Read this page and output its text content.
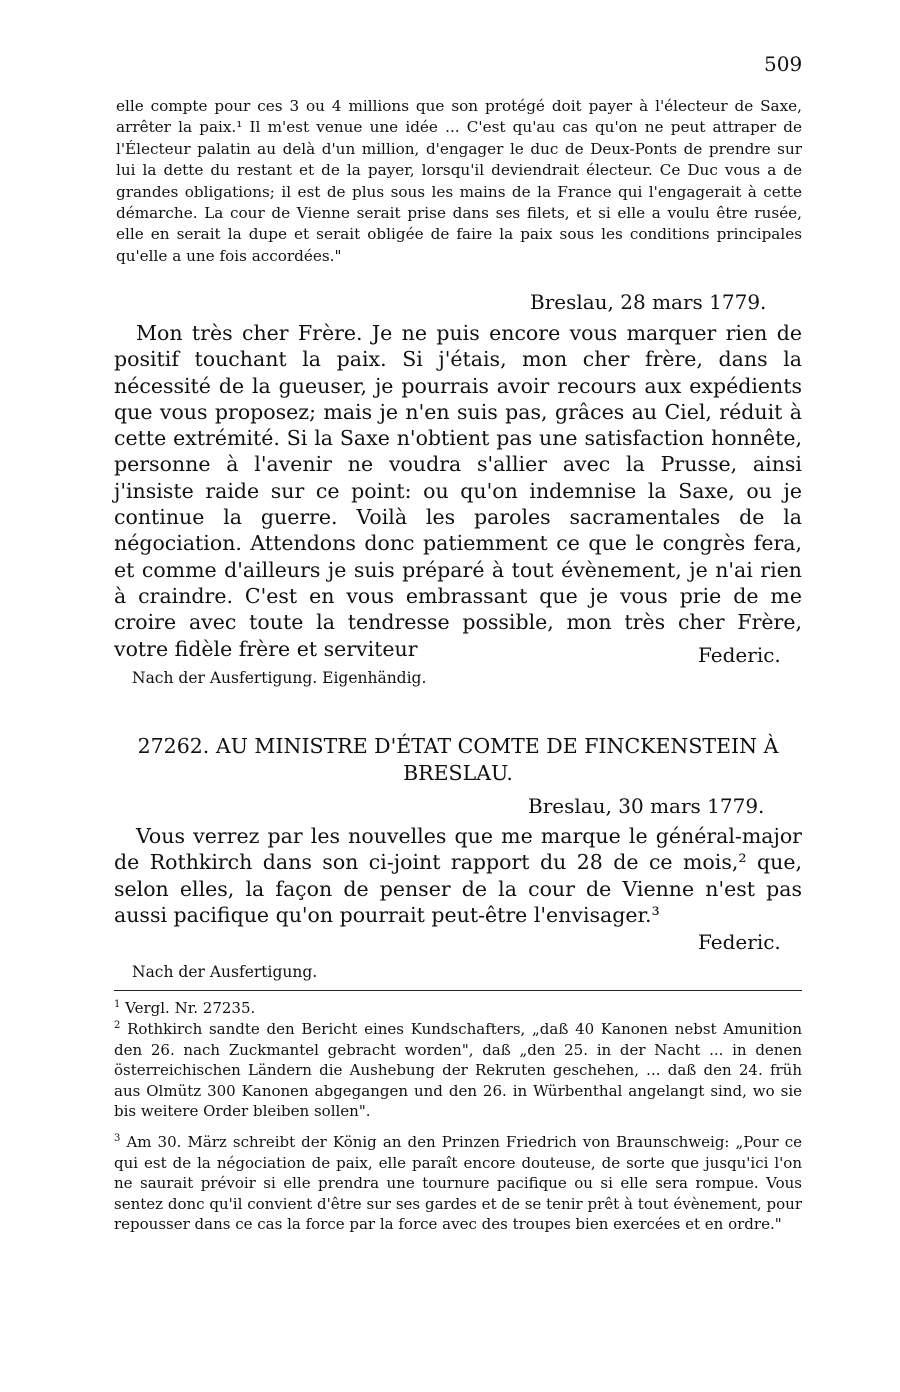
509

elle compte pour ces 3 ou 4 millions que son protégé doit payer à l'électeur de Saxe, arrêter la paix.¹ Il m'est venue une idée ... C'est qu'au cas qu'on ne peut attraper de l'Électeur palatin au delà d'un million, d'engager le duc de Deux-Ponts de prendre sur lui la dette du restant et de la payer, lorsqu'il deviendrait électeur. Ce Duc vous a de grandes obligations; il est de plus sous les mains de la France qui l'engagerait à cette démarche. La cour de Vienne serait prise dans ses filets, et si elle a voulu être rusée, elle en serait la dupe et serait obligée de faire la paix sous les conditions principales qu'elle a une fois accordées."

Breslau, 28 mars 1779.

Mon très cher Frère. Je ne puis encore vous marquer rien de positif touchant la paix. Si j'étais, mon cher frère, dans la nécessité de la gueuser, je pourrais avoir recours aux expédients que vous proposez; mais je n'en suis pas, grâces au Ciel, réduit à cette extrémité. Si la Saxe n'obtient pas une satisfaction honnête, personne à l'avenir ne voudra s'allier avec la Prusse, ainsi j'insiste raide sur ce point: ou qu'on indemnise la Saxe, ou je continue la guerre. Voilà les paroles sacramentales de la négociation. Attendons donc patiemment ce que le congrès fera, et comme d'ailleurs je suis préparé à tout évènement, je n'ai rien à craindre. C'est en vous embrassant que je vous prie de me croire avec toute la tendresse possible, mon très cher Frère, votre fidèle frère et serviteur	Federic.
Nach der Ausfertigung. Eigenhändig.
27262. AU MINISTRE D'ÉTAT COMTE DE FINCKENSTEIN À
BRESLAU.
Breslau, 30 mars 1779.

Vous verrez par les nouvelles que me marque le général-major de Rothkirch dans son ci-joint rapport du 28 de ce mois,² que, selon elles, la façon de penser de la cour de Vienne n'est pas aussi pacifique qu'on pourrait peut-être l'envisager.³

Federic.
Nach der Ausfertigung.

$^1$ Vergl. Nr. 27235.

$^2$ Rothkirch sandte den Bericht eines Kundschafters, „daß 40 Kanonen nebst Amunition den 26. nach Zuckmantel gebracht worden", daß „den 25. in der Nacht ... in denen österreichischen Ländern die Aushebung der Rekruten geschehen, ... daß den 24. früh aus Olmütz 300 Kanonen abgegangen und den 26. in Würbenthal angelangt sind, wo sie bis weitere Order bleiben sollen".

$^3$ Am 30. März schreibt der König an den Prinzen Friedrich von Braunschweig: „Pour ce qui est de la négociation de paix, elle paraît encore douteuse, de sorte que jusqu'ici l'on ne saurait prévoir si elle prendra une tournure pacifique ou si elle sera rompue. Vous sentez donc qu'il convient d'être sur ses gardes et de se tenir prêt à tout évènement, pour repousser dans ce cas la force par la force avec des troupes bien exercées et en ordre."
